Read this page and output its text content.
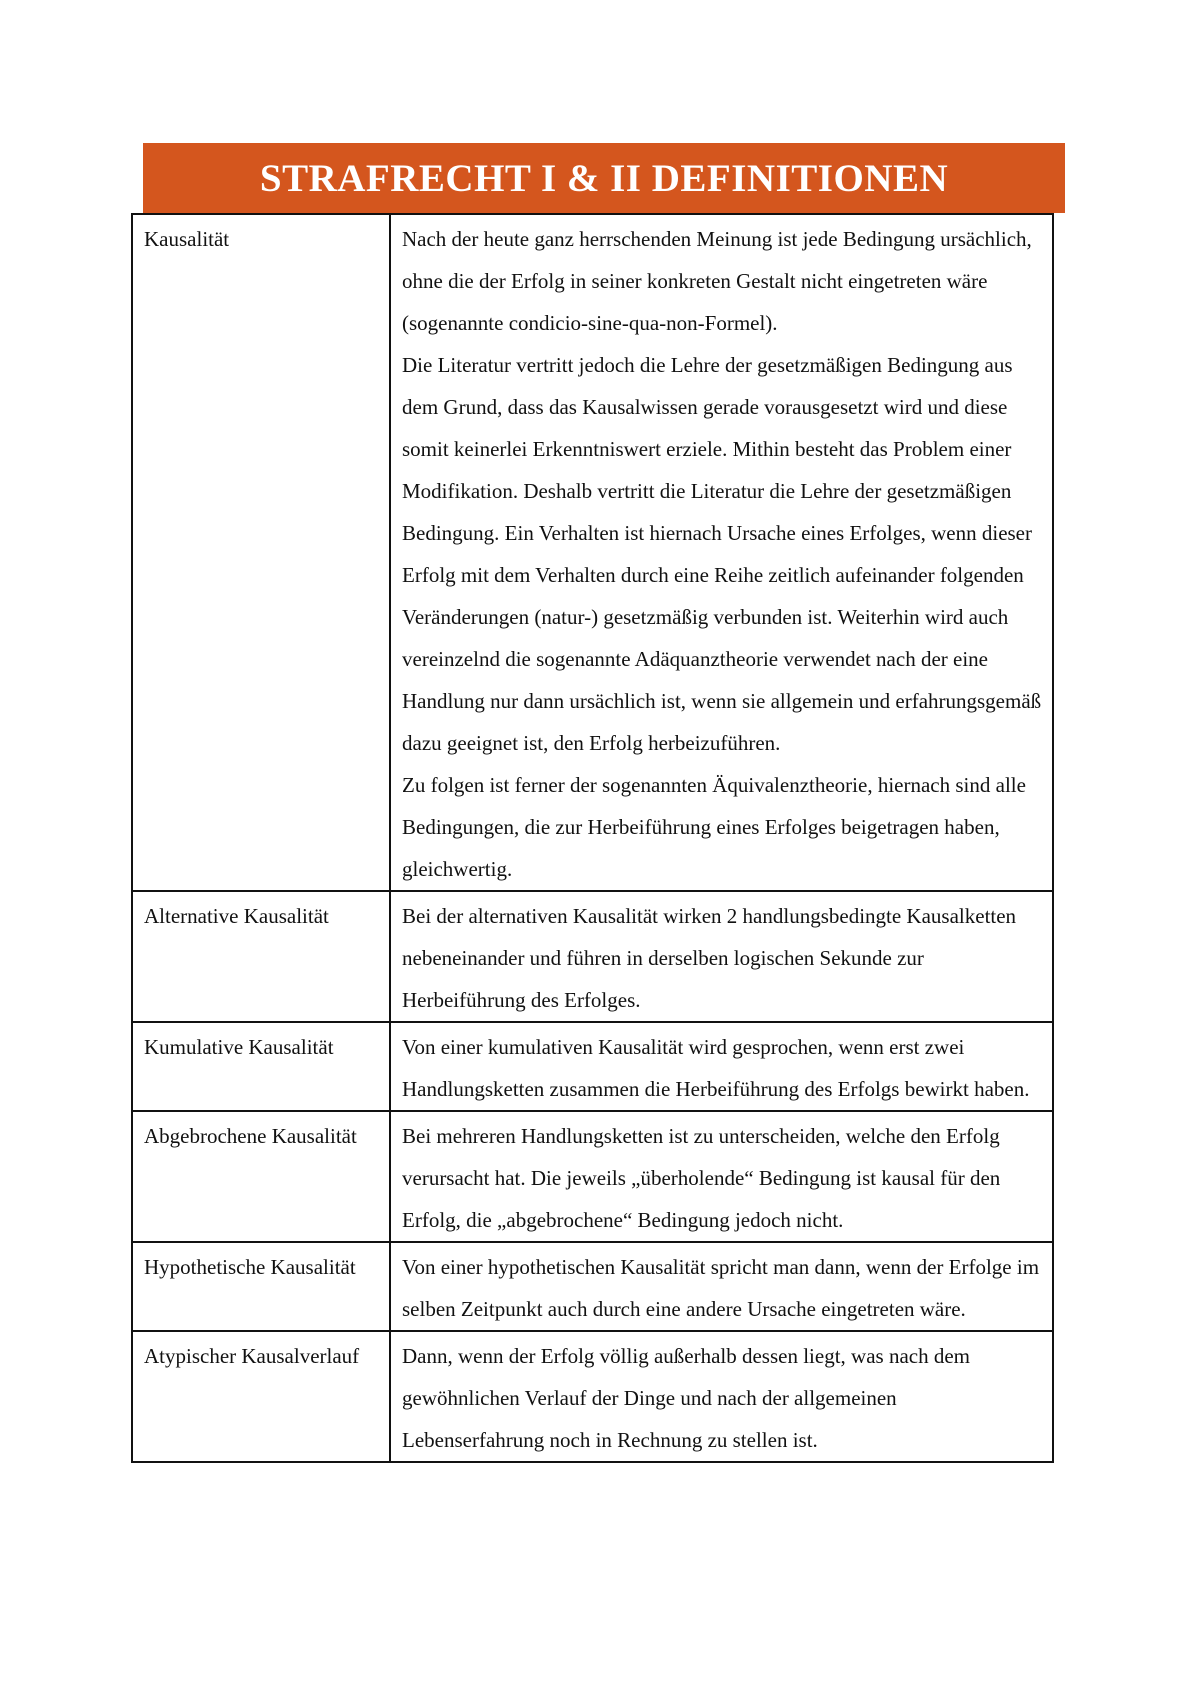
STRAFRECHT I & II DEFINITIONEN
Kausalität	Nach der heute ganz herrschenden Meinung ist jede Bedingung ursächlich, ohne die der Erfolg in seiner konkreten Gestalt nicht eingetreten wäre (sogenannte condicio-sine-qua-non-Formel).
Die Literatur vertritt jedoch die Lehre der gesetzmäßigen Bedingung aus dem Grund, dass das Kausalwissen gerade vorausgesetzt wird und diese somit keinerlei Erkenntniswert erziele. Mithin besteht das Problem einer Modifikation. Deshalb vertritt die Literatur die Lehre der gesetzmäßigen Bedingung. Ein Verhalten ist hiernach Ursache eines Erfolges, wenn dieser Erfolg mit dem Verhalten durch eine Reihe zeitlich aufeinander folgenden Veränderungen (natur-) gesetzmäßig verbunden ist. Weiterhin wird auch vereinzelnd die sogenannte Adäquanztheorie verwendet nach der eine Handlung nur dann ursächlich ist, wenn sie allgemein und erfahrungsgemäß dazu geeignet ist, den Erfolg herbeizuführen.
Zu folgen ist ferner der sogenannten Äquivalenztheorie, hiernach sind alle Bedingungen, die zur Herbeiführung eines Erfolges beigetragen haben, gleichwertig.

Alternative Kausalität	Bei der alternativen Kausalität wirken 2 handlungsbedingte Kausalketten nebeneinander und führen in derselben logischen Sekunde zur Herbeiführung des Erfolges.

Kumulative Kausalität	Von einer kumulativen Kausalität wird gesprochen, wenn erst zwei Handlungsketten zusammen die Herbeiführung des Erfolgs bewirkt haben.

Abgebrochene Kausalität	Bei mehreren Handlungsketten ist zu unterscheiden, welche den Erfolg verursacht hat. Die jeweils „überholende“ Bedingung ist kausal für den Erfolg, die „abgebrochene“ Bedingung jedoch nicht.

Hypothetische Kausalität	Von einer hypothetischen Kausalität spricht man dann, wenn der Erfolge im selben Zeitpunkt auch durch eine andere Ursache eingetreten wäre.

Atypischer Kausalverlauf	Dann, wenn der Erfolg völlig außerhalb dessen liegt, was nach dem gewöhnlichen Verlauf der Dinge und nach der allgemeinen Lebenserfahrung noch in Rechnung zu stellen ist.
